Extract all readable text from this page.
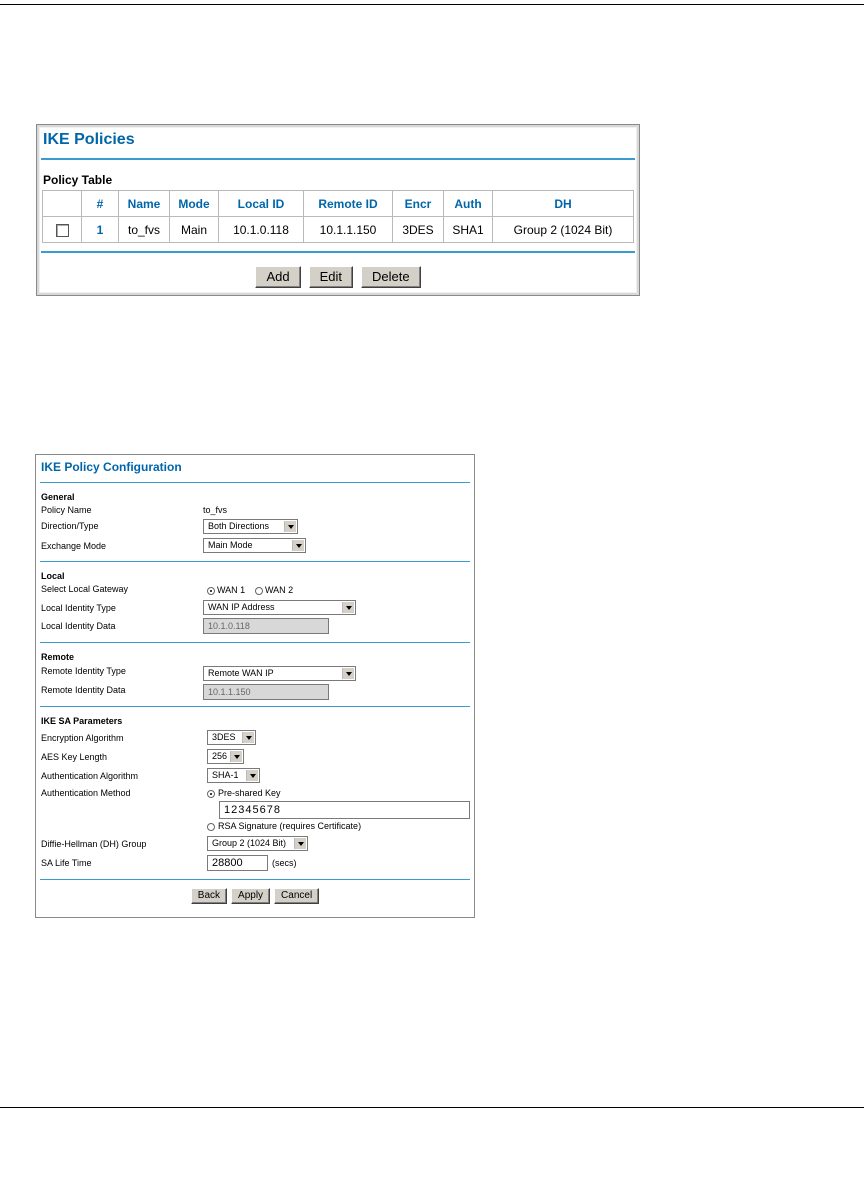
IKE Policies
Policy Table
	#	Name	Mode	Local ID	Remote ID	Encr	Auth	DH
	1	to_fvs	Main	10.1.0.118	10.1.1.150	3DES	SHA1	Group 2 (1024 Bit)
Add Edit Delete
IKE Policy Configuration
General
Policy Name	to_fvs
Direction/Type	Both Directions
Exchange Mode	Main Mode
Local
Select Local Gateway	WAN 1 WAN 2
Local Identity Type	WAN IP Address
Local Identity Data	10.1.0.118
Remote
Remote Identity Type	Remote WAN IP
Remote Identity Data	10.1.1.150
IKE SA Parameters
Encryption Algorithm	3DES
AES Key Length	256
Authentication Algorithm	SHA-1
Authentication Method	Pre-shared Key
12345678
RSA Signature (requires Certificate)
Diffie-Hellman (DH) Group	Group 2 (1024 Bit)
SA Life Time	28800	(secs)
Back Apply Cancel
